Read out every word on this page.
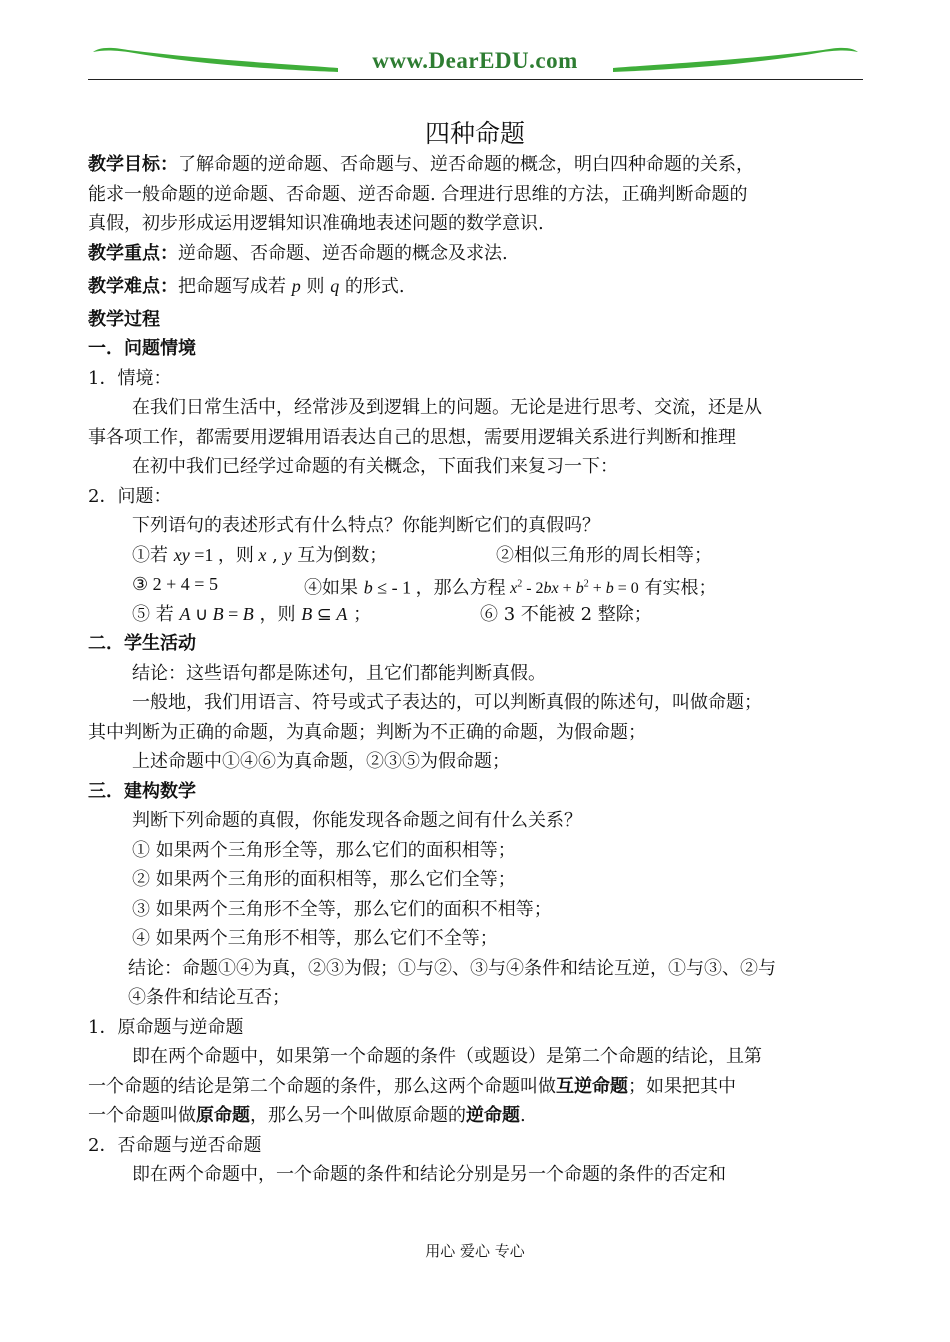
www.DearEDU.com
四种命题

教学目标：了解命题的逆命题、否命题与、逆否命题的概念，明白四种命题的关系，

能求一般命题的逆命题、否命题、逆否命题. 合理进行思维的方法，正确判断命题的

真假，初步形成运用逻辑知识准确地表述问题的数学意识.

教学重点：逆命题、否命题、逆否命题的概念及求法.

教学难点：把命题写成若 p 则 q 的形式.

教学过程

一．问题情境

1．情境：

在我们日常生活中，经常涉及到逻辑上的问题。无论是进行思考、交流，还是从

事各项工作，都需要用逻辑用语表达自己的思想，需要用逻辑关系进行判断和推理

在初中我们已经学过命题的有关概念，下面我们来复习一下：

2．问题：

下列语句的表述形式有什么特点？你能判断它们的真假吗？

①若 xy =1 ，则 x , y 互为倒数；	②相似三角形的周长相等；
③ 2 + 4 = 5	④如果 b ≤ - 1 ，那么方程 $x^2 - 2bx + b^2 + b = 0$ 有实根；
⑤ 若 A ∪ B = B ，则 B ⊆ A ；	⑥ 3 不能被 2 整除；

二．学生活动

结论：这些语句都是陈述句，且它们都能判断真假。

一般地，我们用语言、符号或式子表达的，可以判断真假的陈述句，叫做命题；

其中判断为正确的命题，为真命题；判断为不正确的命题，为假命题；

上述命题中①④⑥为真命题，②③⑤为假命题；

三．建构数学

判断下列命题的真假，你能发现各命题之间有什么关系？

① 如果两个三角形全等，那么它们的面积相等；

② 如果两个三角形的面积相等，那么它们全等；

③ 如果两个三角形不全等，那么它们的面积不相等；

④ 如果两个三角形不相等，那么它们不全等；

结论：命题①④为真，②③为假；①与②、③与④条件和结论互逆，①与③、②与

④条件和结论互否；

1．原命题与逆命题

即在两个命题中，如果第一个命题的条件（或题设）是第二个命题的结论，且第

一个命题的结论是第二个命题的条件，那么这两个命题叫做互逆命题；如果把其中

一个命题叫做原命题，那么另一个叫做原命题的逆命题.

2．否命题与逆否命题

即在两个命题中，一个命题的条件和结论分别是另一个命题的条件的否定和

用心 爱心 专心
